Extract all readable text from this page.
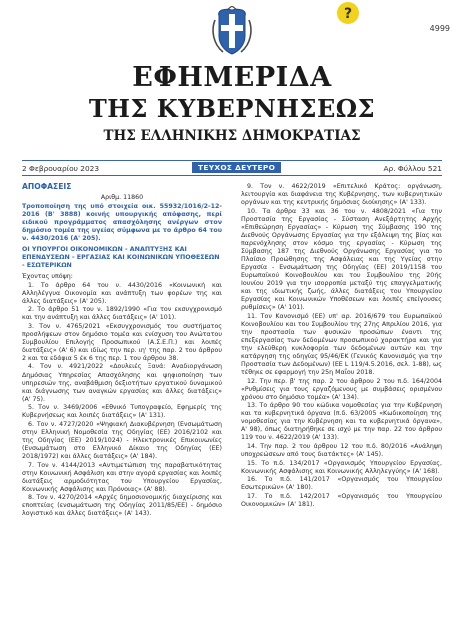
?
4999
ΕΦΗΜΕΡΙΔΑ
ΤΗΣ ΚΥΒΕΡΝΗΣΕΩΣ
ΤΗΣ ΕΛΛΗΝΙΚΗΣ ΔΗΜΟΚΡΑΤΙΑΣ
2 Φεβρουαρίου 2023	ΤΕΥΧΟΣ ΔΕΥΤΕΡΟ	Αρ. Φύλλου 521

ΑΠΟΦΑΣΕΙΣ

Αριθμ. 11860

Τροποποίηση της υπό στοιχεία οικ. 55932/1016/2-12-2016 (Β' 3888) κοινής υπουργικής απόφασης, περί ειδικού προγράμματος απασχόλησης ανέργων στον δημόσιο τομέα της υγείας σύμφωνα με το άρθρο 64 του ν. 4430/2016 (Α' 205).

ΟΙ ΥΠΟΥΡΓΟΙ ΟΙΚΟΝΟΜΙΚΩΝ - ΑΝΑΠΤΥΞΗΣ ΚΑΙ ΕΠΕΝΔΥΣΕΩΝ - ΕΡΓΑΣΙΑΣ ΚΑΙ ΚΟΙΝΩΝΙΚΩΝ ΥΠΟΘΕΣΕΩΝ - ΕΣΩΤΕΡΙΚΩΝ

Έχοντας υπόψη:

1. Το άρθρο 64 του ν. 4430/2016 «Κοινωνική και Αλληλέγγυα Οικονομία και ανάπτυξη των φορέων της και άλλες διατάξεις» (Α' 205).

2. Το άρθρο 51 του ν. 1892/1990 «Για τον εκσυγχρονισμό και την ανάπτυξη και άλλες διατάξεις» (Α' 101).

3. Τον ν. 4765/2021 «Εκσυγχρονισμός του συστήματος προσλήψεων στον δημόσιο τομέα και ενίσχυση του Ανώτατου Συμβουλίου Επιλογής Προσωπικού (Α.Σ.Ε.Π.) και λοιπές διατάξεις» (Α' 6) και ιδίως την περ. ιη' της παρ. 2 του άρθρου 2 και τα εδάφια 5 έκ 6 της περ. 1 του άρθρου 38.

4. Τον ν. 4921/2022 «Δουλειές Ξανά: Αναδιοργάνωση Δημόσιας Υπηρεσίας Απασχόλησης και ψηφιοποίηση των υπηρεσιών της, αναβάθμιση δεξιοτήτων εργατικού δυναμικού και διάγνωσης των αναγκών εργασίας και άλλες διατάξεις» (Α' 75).

5. Τον ν. 3469/2006 «Εθνικό Τυπογραφείο, Εφημερίς της Κυβερνήσεως και λοιπές διατάξεις» (Α' 131).

6. Τον ν. 4727/2020 «Ψηφιακή Διακυβέρνηση (Ενσωμάτωση στην Ελληνική Νομοθεσία της Οδηγίας (ΕΕ) 2016/2102 και της Οδηγίας (ΕΕ) 2019/1024) - Ηλεκτρονικές Επικοινωνίες (Ενσωμάτωση στο Ελληνικό Δίκαιο της Οδηγίας (ΕΕ) 2018/1972) και άλλες διατάξεις» (Α' 184).

7. Τον ν. 4144/2013 «Αντιμετώπιση της παραβατικότητας στην Κοινωνική Ασφάλιση και στην αγορά εργασίας και λοιπές διατάξεις αρμοδιότητας του Υπουργείου Εργασίας, Κοινωνικής Ασφάλισης και Πρόνοιας» (Α' 88).

8. Τον ν. 4270/2014 «Αρχές δημοσιονομικής διαχείρισης και εποπτείας (ενσωμάτωση της Οδηγίας 2011/85/ΕΕ) - δημόσιο λογιστικό και άλλες διατάξεις» (Α' 143).

9. Τον ν. 4622/2019 «Επιτελικό Κράτος: οργάνωση, λειτουργία και διαφάνεια της Κυβέρνησης, των κυβερνητικών οργάνων και της κεντρικής δημόσιας διοίκησης» (Α' 133).

10. Τα άρθρα 33 και 36 του ν. 4808/2021 «Για την Προστασία της Εργασίας - Σύσταση Ανεξάρτητης Αρχής «Επιθεώρηση Εργασίας» - Κύρωση της Σύμβασης 190 της Διεθνούς Οργάνωσης Εργασίας για την εξάλειψη της βίας και παρενόχλησης στον κόσμο της εργασίας - Κύρωση της Σύμβασης 187 της Διεθνούς Οργάνωσης Εργασίας για το Πλαίσιο Προώθησης της Ασφάλειας και της Υγείας στην Εργασία - Ενσωμάτωση της Οδηγίας (ΕΕ) 2019/1158 του Ευρωπαϊκού Κοινοβουλίου και του Συμβουλίου της 20ής Ιουνίου 2019 για την ισορροπία μεταξύ της επαγγελματικής και της ιδιωτικής ζωής, άλλες διατάξεις του Υπουργείου Εργασίας και Κοινωνικών Υποθέσεων και λοιπές επείγουσες ρυθμίσεις» (Α' 101).

11. Τον Κανονισμό (ΕΕ) υπ' αρ. 2016/679 του Ευρωπαϊκού Κοινοβουλίου και του Συμβουλίου της 27ης Απριλίου 2016, για την προστασία των φυσικών προσώπων έναντι της επεξεργασίας των δεδομένων προσωπικού χαρακτήρα και για την ελεύθερη κυκλοφορία των δεδομένων αυτών και την κατάργηση της οδηγίας 95/46/ΕΚ (Γενικός Κανονισμός για την Προστασία των Δεδομένων) (ΕΕ L 119/4.5.2016, σελ. 1-88), ως τέθηκε σε εφαρμογή την 25η Μαΐου 2018.

12. Την περ. β' της παρ. 2 του άρθρου 2 του π.δ. 164/2004 «Ρυθμίσεις για τους εργαζόμενους με συμβάσεις ορισμένου χρόνου στο δημόσιο τομέα» (Α' 134).

13. Το άρθρο 90 του κώδικα νομοθεσίας για την Κυβέρνηση και τα κυβερνητικά όργανα (π.δ. 63/2005 «Κωδικοποίηση της νομοθεσίας για την Κυβέρνηση και τα κυβερνητικά όργανα», Α' 98), όπως διατηρήθηκε σε ισχύ με την παρ. 22 του άρθρου 119 του ν. 4622/2019 (Α' 133).

14. Την παρ. 2 του άρθρου 12 του π.δ. 80/2016 «Ανάληψη υποχρεώσεων από τους διατάκτες» (Α' 145).

15. Το π.δ. 134/2017 «Οργανισμός Υπουργείου Εργασίας, Κοινωνικής Ασφάλισης και Κοινωνικής Αλληλεγγύης» (Α' 168).

16. Το π.δ. 141/2017 «Οργανισμός του Υπουργείου Εσωτερικών» (Α' 180).

17. Το π.δ. 142/2017 «Οργανισμός του Υπουργείου Οικονομικών» (Α' 181).
